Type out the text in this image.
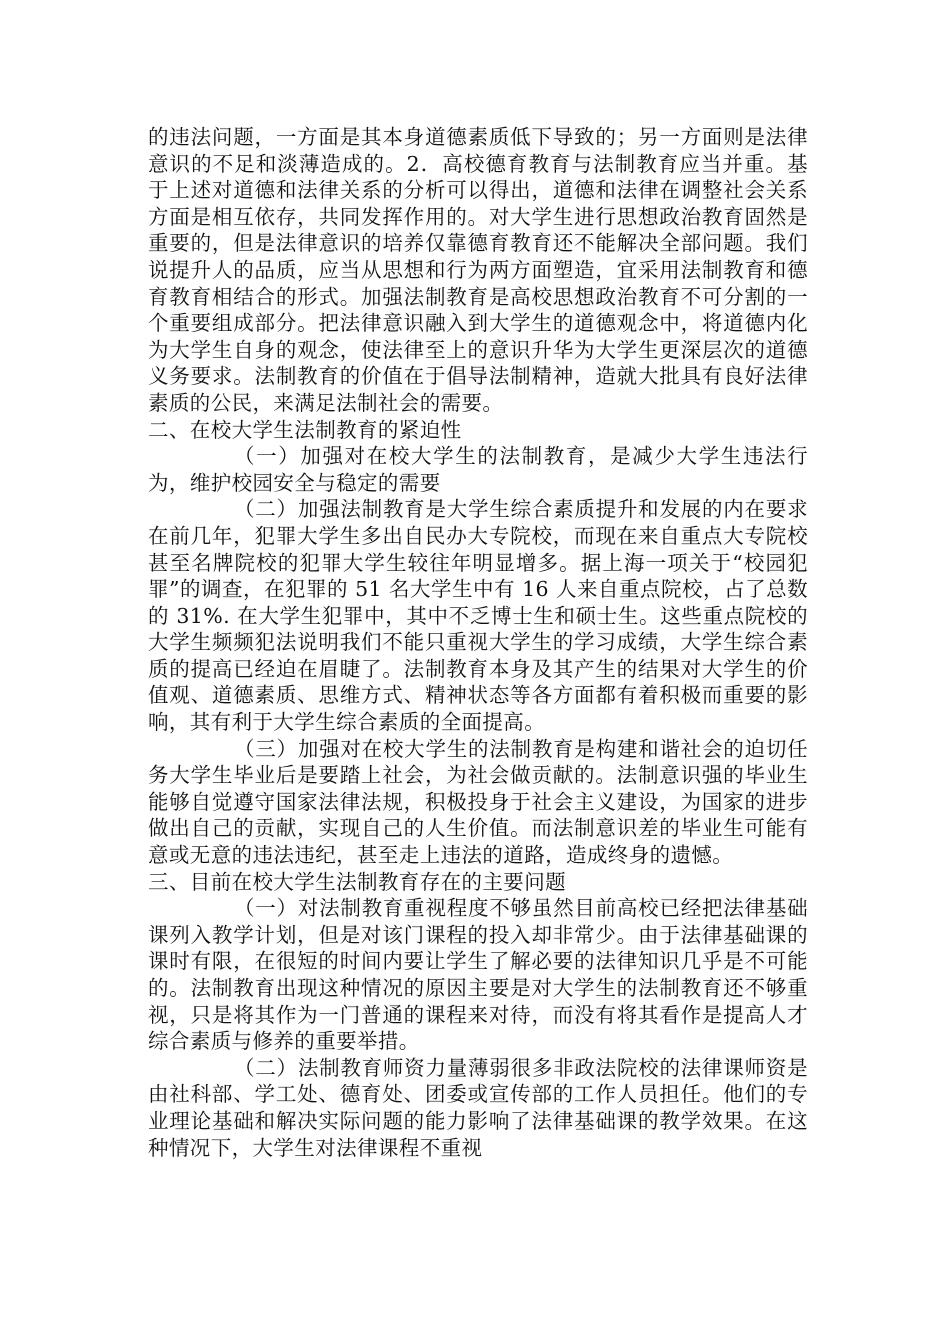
的违法问题，一方面是其本身道德素质低下导致的；另一方面则是法律意识的不足和淡薄造成的。2．高校德育教育与法制教育应当并重。基于上述对道德和法律关系的分析可以得出，道德和法律在调整社会关系方面是相互依存，共同发挥作用的。对大学生进行思想政治教育固然是重要的，但是法律意识的培养仅靠德育教育还不能解决全部问题。我们说提升人的品质，应当从思想和行为两方面塑造，宜采用法制教育和德育教育相结合的形式。加强法制教育是高校思想政治教育不可分割的一个重要组成部分。把法律意识融入到大学生的道德观念中，将道德内化为大学生自身的观念，使法律至上的意识升华为大学生更深层次的道德义务要求。法制教育的价值在于倡导法制精神，造就大批具有良好法律素质的公民，来满足法制社会的需要。

二、在校大学生法制教育的紧迫性

（一）加强对在校大学生的法制教育，是减少大学生违法行为，维护校园安全与稳定的需要

（二）加强法制教育是大学生综合素质提升和发展的内在要求在前几年，犯罪大学生多出自民办大专院校，而现在来自重点大专院校甚至名牌院校的犯罪大学生较往年明显增多。据上海一项关于“校园犯罪”的调查，在犯罪的 51 名大学生中有 16 人来自重点院校，占了总数的 31%. 在大学生犯罪中，其中不乏博士生和硕士生。这些重点院校的大学生频频犯法说明我们不能只重视大学生的学习成绩，大学生综合素质的提高已经迫在眉睫了。法制教育本身及其产生的结果对大学生的价值观、道德素质、思维方式、精神状态等各方面都有着积极而重要的影响，其有利于大学生综合素质的全面提高。

（三）加强对在校大学生的法制教育是构建和谐社会的迫切任务大学生毕业后是要踏上社会，为社会做贡献的。法制意识强的毕业生能够自觉遵守国家法律法规，积极投身于社会主义建设，为国家的进步做出自己的贡献，实现自己的人生价值。而法制意识差的毕业生可能有意或无意的违法违纪，甚至走上违法的道路，造成终身的遗憾。

三、目前在校大学生法制教育存在的主要问题

（一）对法制教育重视程度不够虽然目前高校已经把法律基础课列入教学计划，但是对该门课程的投入却非常少。由于法律基础课的课时有限，在很短的时间内要让学生了解必要的法律知识几乎是不可能的。法制教育出现这种情况的原因主要是对大学生的法制教育还不够重视，只是将其作为一门普通的课程来对待，而没有将其看作是提高人才综合素质与修养的重要举措。

（二）法制教育师资力量薄弱很多非政法院校的法律课师资是由社科部、学工处、德育处、团委或宣传部的工作人员担任。他们的专业理论基础和解决实际问题的能力影响了法律基础课的教学效果。在这种情况下，大学生对法律课程不重视
